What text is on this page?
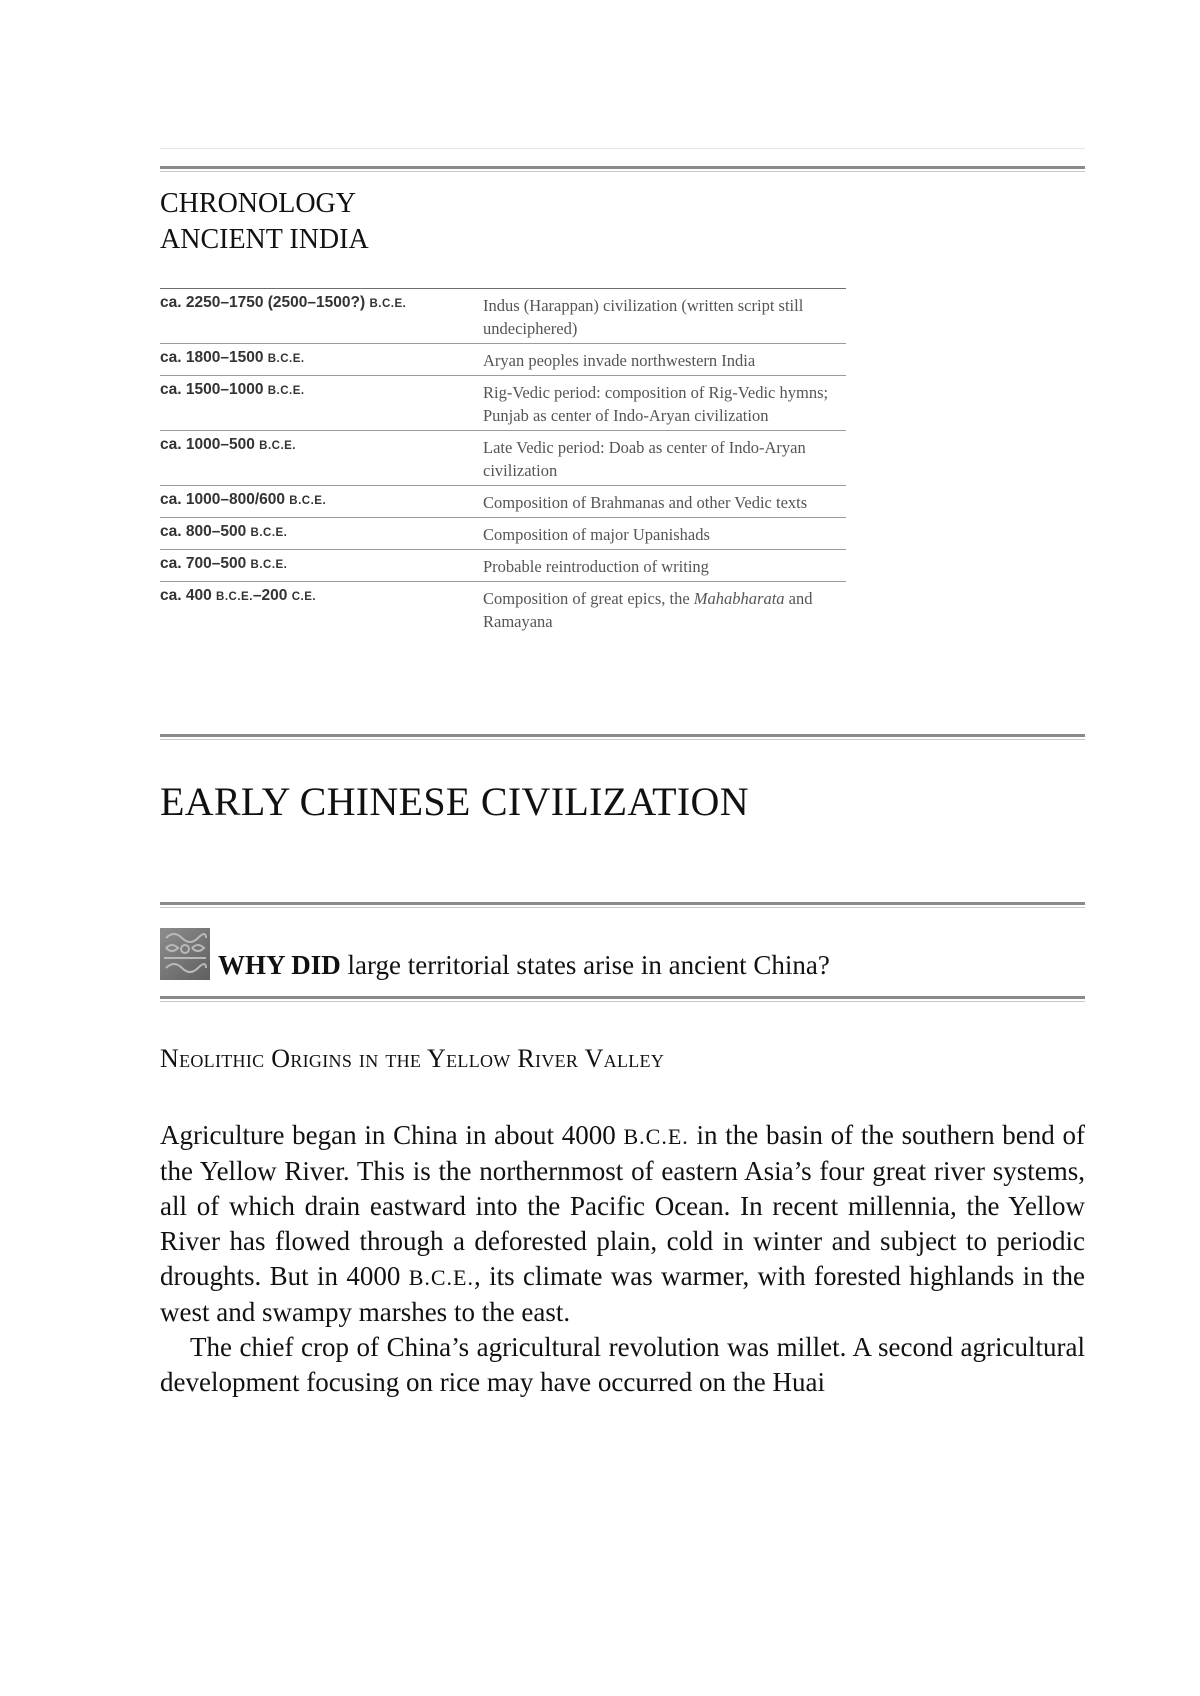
CHRONOLOGY
ANCIENT INDIA
ca. 2250–1750 (2500–1500?) B.C.E.	Indus (Harappan) civilization (written script still undeciphered)
ca. 1800–1500 B.C.E.	Aryan peoples invade northwestern India
ca. 1500–1000 B.C.E.	Rig-Vedic period: composition of Rig-Vedic hymns; Punjab as center of Indo-Aryan civilization
ca. 1000–500 B.C.E.	Late Vedic period: Doab as center of Indo-Aryan civilization
ca. 1000–800/600 B.C.E.	Composition of Brahmanas and other Vedic texts
ca. 800–500 B.C.E.	Composition of major Upanishads
ca. 700–500 B.C.E.	Probable reintroduction of writing
ca. 400 B.C.E.–200 C.E.	Composition of great epics, the Mahabharata and Ramayana
EARLY CHINESE CIVILIZATION
WHY DID large territorial states arise in ancient China?
Neolithic Origins in the Yellow River Valley

Agriculture began in China in about 4000 B.C.E. in the basin of the southern bend of the Yellow River. This is the northernmost of eastern Asia’s four great river systems, all of which drain eastward into the Pacific Ocean. In recent millennia, the Yellow River has flowed through a deforested plain, cold in winter and subject to periodic droughts. But in 4000 B.C.E., its climate was warmer, with forested highlands in the west and swampy marshes to the east.

The chief crop of China’s agricultural revolution was millet. A second agricultural development focusing on rice may have occurred on the Huai
